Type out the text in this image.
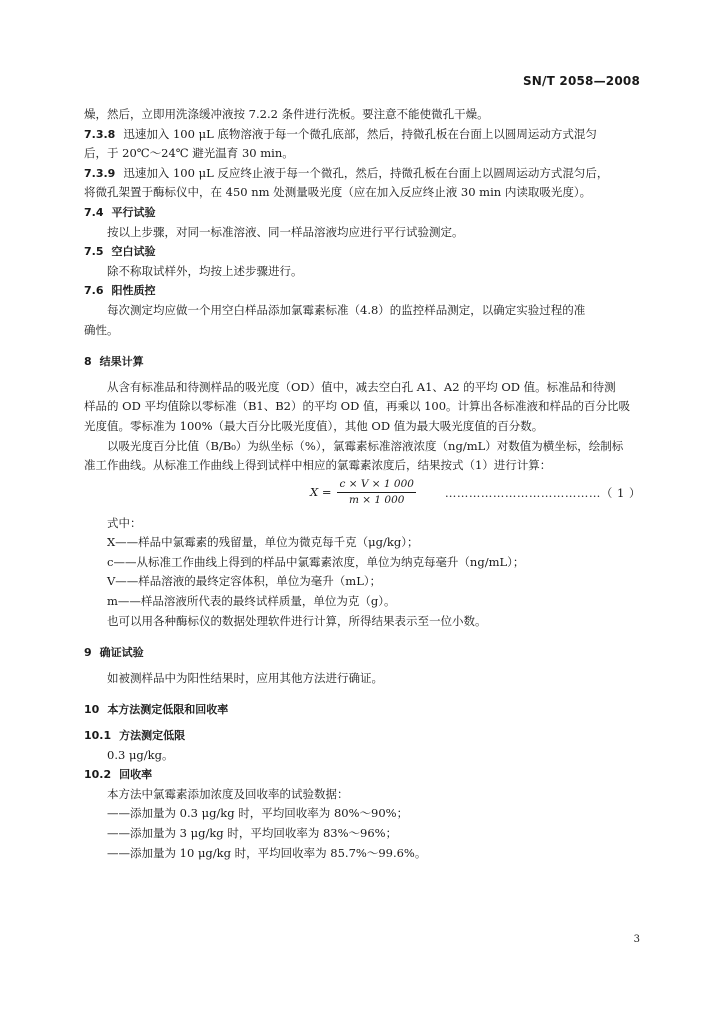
SN/T 2058—2008
燥，然后，立即用洗涤缓冲液按 7.2.2 条件进行洗板。要注意不能使微孔干燥。
7.3.8 迅速加入 100 μL 底物溶液于每一个微孔底部，然后，持微孔板在台面上以圆周运动方式混匀
后，于 20℃～24℃ 避光温育 30 min。
7.3.9 迅速加入 100 μL 反应终止液于每一个微孔，然后，持微孔板在台面上以圆周运动方式混匀后，
将微孔架置于酶标仪中，在 450 nm 处测量吸光度（应在加入反应终止液 30 min 内读取吸光度）。
7.4 平行试验
按以上步骤，对同一标准溶液、同一样品溶液均应进行平行试验测定。
7.5 空白试验
除不称取试样外，均按上述步骤进行。
7.6 阳性质控
每次测定均应做一个用空白样品添加氯霉素标准（4.8）的监控样品测定，以确定实验过程的准
确性。
8 结果计算
从含有标准品和待测样品的吸光度（OD）值中，减去空白孔 A1、A2 的平均 OD 值。标准品和待测
样品的 OD 平均值除以零标准（B1、B2）的平均 OD 值，再乘以 100。计算出各标准液和样品的百分比吸
光度值。零标准为 100%（最大百分比吸光度值），其他 OD 值为最大吸光度值的百分数。
以吸光度百分比值（B/B₀）为纵坐标（%），氯霉素标准溶液浓度（ng/mL）对数值为横坐标，绘制标
准工作曲线。从标准工作曲线上得到试样中相应的氯霉素浓度后，结果按式（1）进行计算：
$X = \frac{c \times V \times 1 000}{m \times 1 000}$	…………………………………（ 1 ）
式中：
X——样品中氯霉素的残留量，单位为微克每千克（μg/kg）；
c——从标准工作曲线上得到的样品中氯霉素浓度，单位为纳克每毫升（ng/mL）；
V——样品溶液的最终定容体积，单位为毫升（mL）；
m——样品溶液所代表的最终试样质量，单位为克（g）。
也可以用各种酶标仪的数据处理软件进行计算，所得结果表示至一位小数。
9 确证试验
如被测样品中为阳性结果时，应用其他方法进行确证。
10 本方法测定低限和回收率
10.1 方法测定低限
0.3 μg/kg。
10.2 回收率
本方法中氯霉素添加浓度及回收率的试验数据：
——添加量为 0.3 μg/kg 时，平均回收率为 80%～90%；
——添加量为 3 μg/kg 时，平均回收率为 83%～96%；
——添加量为 10 μg/kg 时，平均回收率为 85.7%～99.6%。
3
